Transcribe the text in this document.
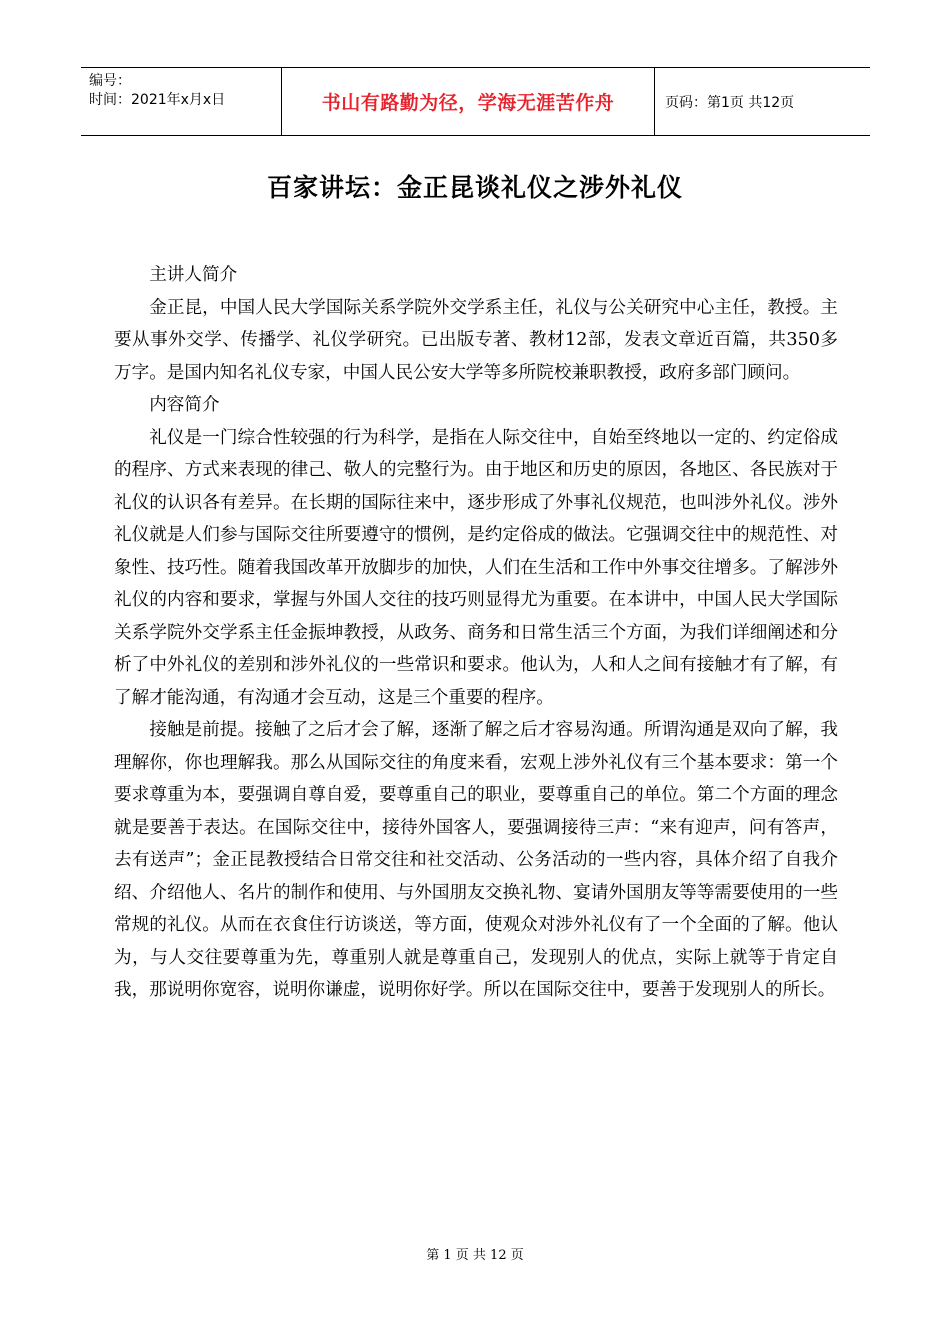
编号：
时间：2021年x月x日	书山有路勤为径，学海无涯苦作舟	页码：第1页 共12页
百家讲坛：金正昆谈礼仪之涉外礼仪

主讲人简介

金正昆，中国人民大学国际关系学院外交学系主任，礼仪与公关研究中心主任，教授。主要从事外交学、传播学、礼仪学研究。已出版专著、教材12部，发表文章近百篇，共350多万字。是国内知名礼仪专家，中国人民公安大学等多所院校兼职教授，政府多部门顾问。

内容简介

礼仪是一门综合性较强的行为科学，是指在人际交往中，自始至终地以一定的、约定俗成的程序、方式来表现的律己、敬人的完整行为。由于地区和历史的原因，各地区、各民族对于礼仪的认识各有差异。在长期的国际往来中，逐步形成了外事礼仪规范，也叫涉外礼仪。涉外礼仪就是人们参与国际交往所要遵守的惯例，是约定俗成的做法。它强调交往中的规范性、对象性、技巧性。随着我国改革开放脚步的加快，人们在生活和工作中外事交往增多。了解涉外礼仪的内容和要求，掌握与外国人交往的技巧则显得尤为重要。在本讲中，中国人民大学国际关系学院外交学系主任金振坤教授，从政务、商务和日常生活三个方面，为我们详细阐述和分析了中外礼仪的差别和涉外礼仪的一些常识和要求。他认为，人和人之间有接触才有了解，有了解才能沟通，有沟通才会互动，这是三个重要的程序。

接触是前提。接触了之后才会了解，逐渐了解之后才容易沟通。所谓沟通是双向了解，我理解你，你也理解我。那么从国际交往的角度来看，宏观上涉外礼仪有三个基本要求：第一个要求尊重为本，要强调自尊自爱，要尊重自己的职业，要尊重自己的单位。第二个方面的理念就是要善于表达。在国际交往中，接待外国客人，要强调接待三声：“来有迎声，问有答声，去有送声”；金正昆教授结合日常交往和社交活动、公务活动的一些内容，具体介绍了自我介绍、介绍他人、名片的制作和使用、与外国朋友交换礼物、宴请外国朋友等等需要使用的一些常规的礼仪。从而在衣食住行访谈送，等方面，使观众对涉外礼仪有了一个全面的了解。他认为，与人交往要尊重为先，尊重别人就是尊重自己，发现别人的优点，实际上就等于肯定自我，那说明你宽容，说明你谦虚，说明你好学。所以在国际交往中，要善于发现别人的所长。

第 1 页 共 12 页
